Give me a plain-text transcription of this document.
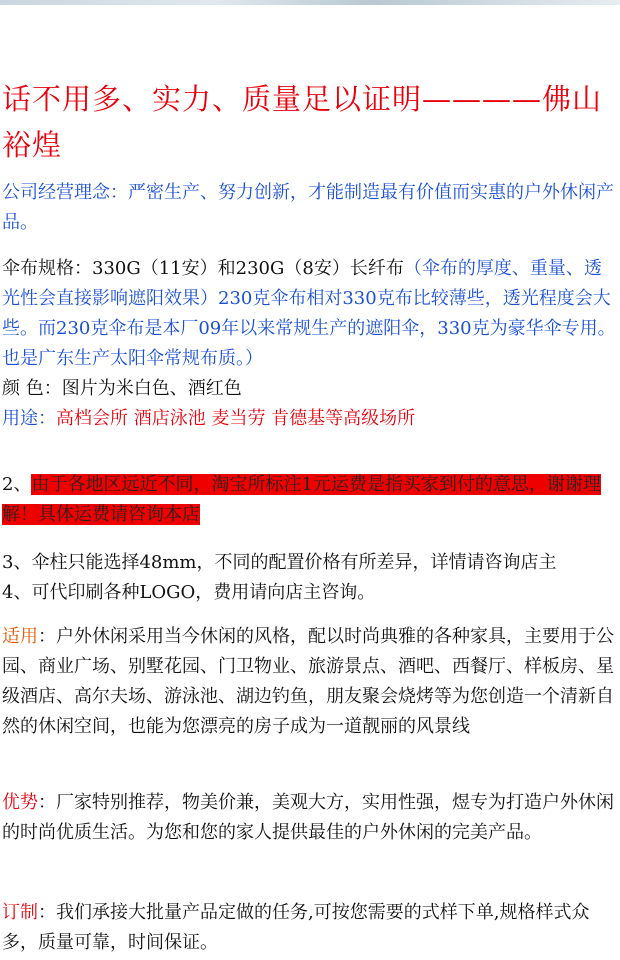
话不用多、实力、质量足以证明————佛山裕煌
公司经营理念：严密生产、努力创新，才能制造最有价值而实惠的户外休闲产品。
伞布规格：330G（11安）和230G（8安）长纤布（伞布的厚度、重量、透光性会直接影响遮阳效果）230克伞布相对330克布比较薄些，透光程度会大些。而230克伞布是本厂09年以来常规生产的遮阳伞，330克为豪华伞专用。也是广东生产太阳伞常规布质。）
颜 色：图片为米白色、酒红色
用途：高档会所 酒店泳池 麦当劳 肯德基等高级场所
2、由于各地区远近不同，淘宝所标注1元运费是指买家到付的意思，谢谢理解！具体运费请咨询本店
3、伞柱只能选择48mm，不同的配置价格有所差异，详情请咨询店主
4、可代印刷各种LOGO，费用请向店主咨询。
适用：户外休闲采用当今休闲的风格，配以时尚典雅的各种家具，主要用于公园、商业广场、别墅花园、门卫物业、旅游景点、酒吧、西餐厅、样板房、星级酒店、高尔夫场、游泳池、湖边钓鱼，朋友聚会烧烤等为您创造一个清新自然的休闲空间，也能为您漂亮的房子成为一道靓丽的风景线
优势：厂家特别推荐，物美价兼，美观大方，实用性强，煜专为打造户外休闲的时尚优质生活。为您和您的家人提供最佳的户外休闲的完美产品。
订制：我们承接大批量产品定做的任务,可按您需要的式样下单,规格样式众多，质量可靠，时间保证。
